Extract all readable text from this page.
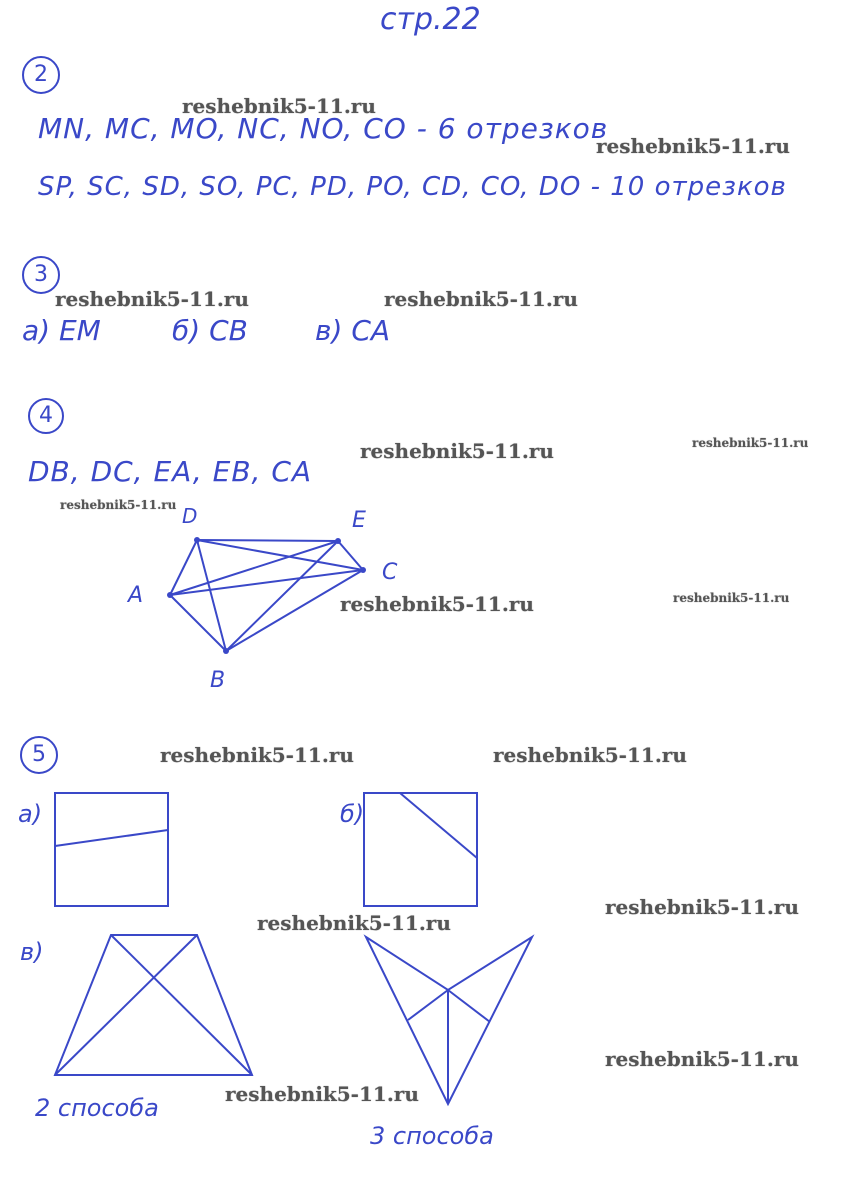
стр.22
2
MN, MC, MO, NC, NO, CO - 6 отрезков
SP, SC, SD, SO, PC, PD, PO, CD, CO, DO - 10 отрезков
3
а) EM	б) CB в) CA
4
DB, DC, EA, EB, CA
D	E
A
C
B
5
а)	б)
в)
2 способа
3 способа
reshebnik5-11.ru
reshebnik5-11.ru
reshebnik5-11.ru	reshebnik5-11.ru
reshebnik5-11.ru	reshebnik5-11.ru
reshebnik5-11.ru
reshebnik5-11.ru	reshebnik5-11.ru
reshebnik5-11.ru	reshebnik5-11.ru
reshebnik5-11.ru
reshebnik5-11.ru
reshebnik5-11.ru
reshebnik5-11.ru
